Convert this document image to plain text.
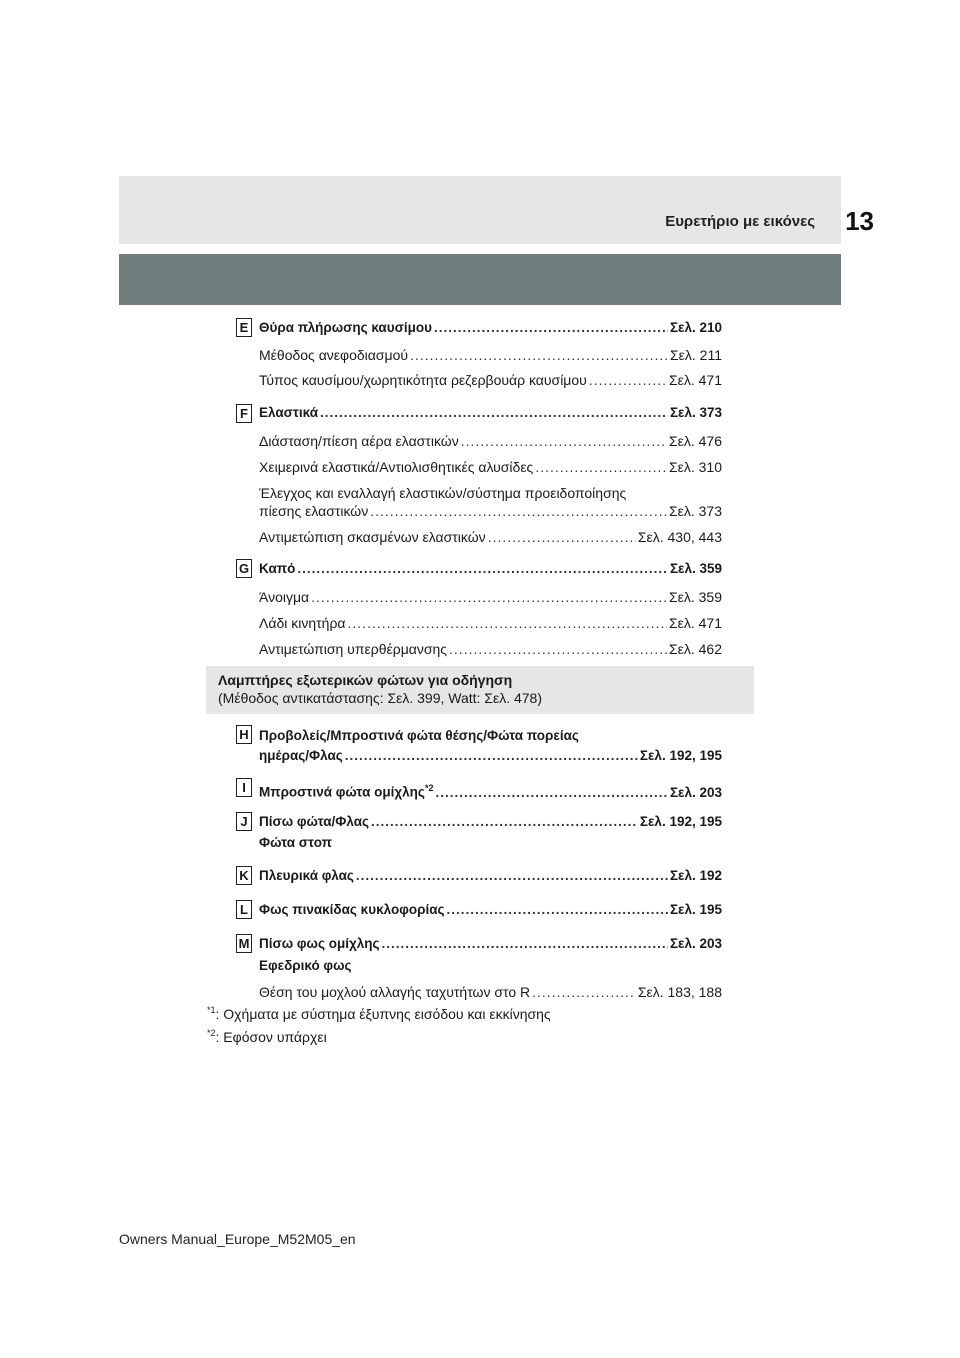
Ευρετήριο με εικόνες 13
E Θύρα πλήρωσης καυσίμου .....	Σελ. 210
Μέθοδος ανεφοδιασμού .....	Σελ. 211
Τύπος καυσίμου/χωρητικότητα ρεζερβουάρ καυσίμου .....	Σελ. 471
F Ελαστικά .....	Σελ. 373
Διάσταση/πίεση αέρα ελαστικών .....	Σελ. 476
Χειμερινά ελαστικά/Αντιολισθητικές αλυσίδες .....	Σελ. 310
Έλεγχος και εναλλαγή ελαστικών/σύστημα προειδοποίησης
πίεσης ελαστικών .....	Σελ. 373
Αντιμετώπιση σκασμένων ελαστικών .....	Σελ. 430, 443
G Καπό .....	Σελ. 359
Άνοιγμα .....	Σελ. 359
Λάδι κινητήρα .....	Σελ. 471
Αντιμετώπιση υπερθέρμανσης .....	Σελ. 462
Λαμπτήρες εξωτερικών φώτων για οδήγηση
(Μέθοδος αντικατάστασης: Σελ. 399, Watt: Σελ. 478)
H Προβολείς/Μπροστινά φώτα θέσης/Φώτα πορείας
ημέρας/Φλας .....	Σελ. 192, 195
I Μπροστινά φώτα ομίχλης$^{*2}$ .....	Σελ. 203
J Πίσω φώτα/Φλας .....	Σελ. 192, 195
Φώτα στοπ
K Πλευρικά φλας .....	Σελ. 192
L Φως πινακίδας κυκλοφορίας .....	Σελ. 195
M Πίσω φως ομίχλης .....	Σελ. 203
Εφεδρικό φως
Θέση του μοχλού αλλαγής ταχυτήτων στο R .....	Σελ. 183, 188
$^{*1}$: Οχήματα με σύστημα έξυπνης εισόδου και εκκίνησης
$^{*2}$: Εφόσον υπάρχει
Owners Manual_Europe_M52M05_en
